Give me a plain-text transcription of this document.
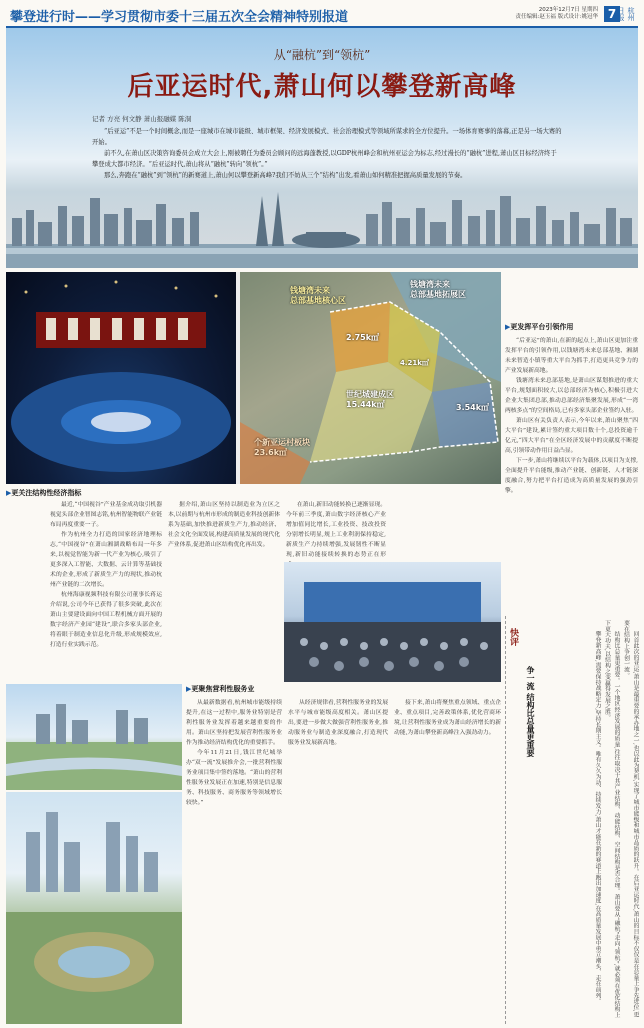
攀登进行时——学习贯彻市委十三届五次全会精神特别报道	2023年12月7日 星期四
责任编辑:赵玉福 版式设计:姚冠华 7	杭州日报
从“融杭”到“领杭”
后亚运时代,萧山何以攀登新高峰
记者 方亮 何文静 萧山报融媒 陈洞

“后亚运”不是一个时间概念,而是一座城市在城市能级、城市框架、经济发展模式、社会治理模式等领域所谋求的全方位提升。一场体育赛事的落幕,正是另一场大赛的开始。

前不久,在萧山区决策咨询委员会成立大会上,刚被聘任为委员会顾问的远海蓬教授,以GDP杭州峰会和杭州亚运会为标志,经过漫长的“融杭”进程,萧山区目标经济终于攀登成大都市经济。“后亚运时代,萧山将从“融杭”转向“领杭”。”

那么,奔跑在“融杭”到“领杭”的新赛道上,萧山何以攀登新高峰?我们不妨从三个“结构”出发,看萧山如何精准把握高质量发展的节奏。

钱塘湾未来
总部基地核心区
钱塘湾未来
总部基地拓展区
2.75k㎡
世纪城建成区
15.44k㎡	3.54k㎡
4.21k㎡
个新亚运村板块
23.6k㎡
▶更发挥平台引领作用

“后亚运”的萧山,在新的起点上,萧山区更加注重发挥平台的引领作用,以钱塘湾未来总部基地、湘湖未来智造小镇等重大平台为抓手,打造更具竞争力的产业发展新高地。

钱塘湾未来总部基地,是萧山区谋划推进的重大平台,规划面积较大,以总部经济为核心,积极引进大企业大集团总部,推动总部经济集聚发展,形成“一湾两核多点”的空间格局,已有多家头部企业签约入驻。

萧山区有关负责人表示,今年以来,萧山聚焦“四大平台”建设,累计签约重大项目数十个,总投资逾千亿元,“四大平台”在全区经济发展中的贡献度不断提高,引领带动作用日益凸显。

下一步,萧山将继续以平台为载体,以项目为支撑,全面提升平台能级,推动产业链、创新链、人才链深度融合,努力把平台打造成为高质量发展的强劲引擎。

▶更关注结构性经济指标

最近,“中国视谷”产业基金成功取引机器视觉头部企业智图志铭,杭州智能物联产业链布局再度重要一子。

作为杭州全力打造的国家经济地理标志,“中国视谷”在萧山湘湖战略布局一年多来,以视觉智能为新一代产业为核心,吸引了更多深入工智能、大数据、云计算等基础技术的企业,形成了新质生产力的现状,推动杭州产业链的二次增长。

杭州海康视频科技有限公司董事长蒋运介绍说,公司今年已获得了很多突破,此次在萧山主要建设面向中国工程机械方面开展的数字经济产业园“建设”,联合多家头部企业,将着眼于制造业信息化升级,形成规模效应,打造行业实践示范。

据介绍,萧山区坚持以制造业为立区之本,以前期与杭州市形成的制造业科技创新体系为基础,加快推进新质生产力,推动经济、社会文化全面发展,构建高质量发展的现代化产业体系,促进萧山区结构优化再出发。

在萧山,新旧动能转换已逐渐显现。今年前三季度,萧山数字经济核心产业增加值同比增长,工业投资、技改投资分别增长明显,规上工业利润保持稳定,新质生产力持续增强,发展韧性不断显现,新旧动能接续转换的态势正在形

▶更聚焦营利性服务业

从最新数据看,杭州城市能级持续提升,在这一过程中,服务业特别是营利性服务业发挥着越来越重要的作用。萧山区坚持把发展营利性服务业作为推动经济结构优化的重要抓手。

今年11月21日,钱江世纪城举办“双一流”发展推介会,一批营利性服务业项目集中签约落地。“萧山的营利性服务业发展正在加速,特别是信息服务、科技服务、商务服务等领域增长较快。”

从经济规律看,营利性服务业的发展水平与城市能级高度相关。萧山区提出,要进一步做大做强营利性服务业,推动服务业与制造业深度融合,打造现代服务业发展新高地。

接下来,萧山将聚焦重点领域、重点企业、重点项目,完善政策体系,优化营商环境,让营利性服务业成为萧山经济增长的新动能,为萧山攀登新高峰注入强劲动力。

快评
争一流 结构比总量更重要	回首此次的亚运,萧山是最重要的承办地之一,也以此为契机,实现了城市能级和城市品质的跃升。在后亚运时代,萧山的目标不仅仅是在总量上争先进位,更要在结构上争创一流。

结构比总量更重要。一个地区经济发展的质量,往往取决于其产业结构、动能结构、空间结构是否合理。萧山要从“融杭”走向“领杭”,就必须在优化结构上下更大功夫,以结构之变赢得发展之胜。

攀登新高峰,需要保持战略定力,坚持长期主义。唯有久久为功、持续发力,萧山才能在新的赛道上跑出加速度,在高质量发展中勇立潮头、走在前列。
